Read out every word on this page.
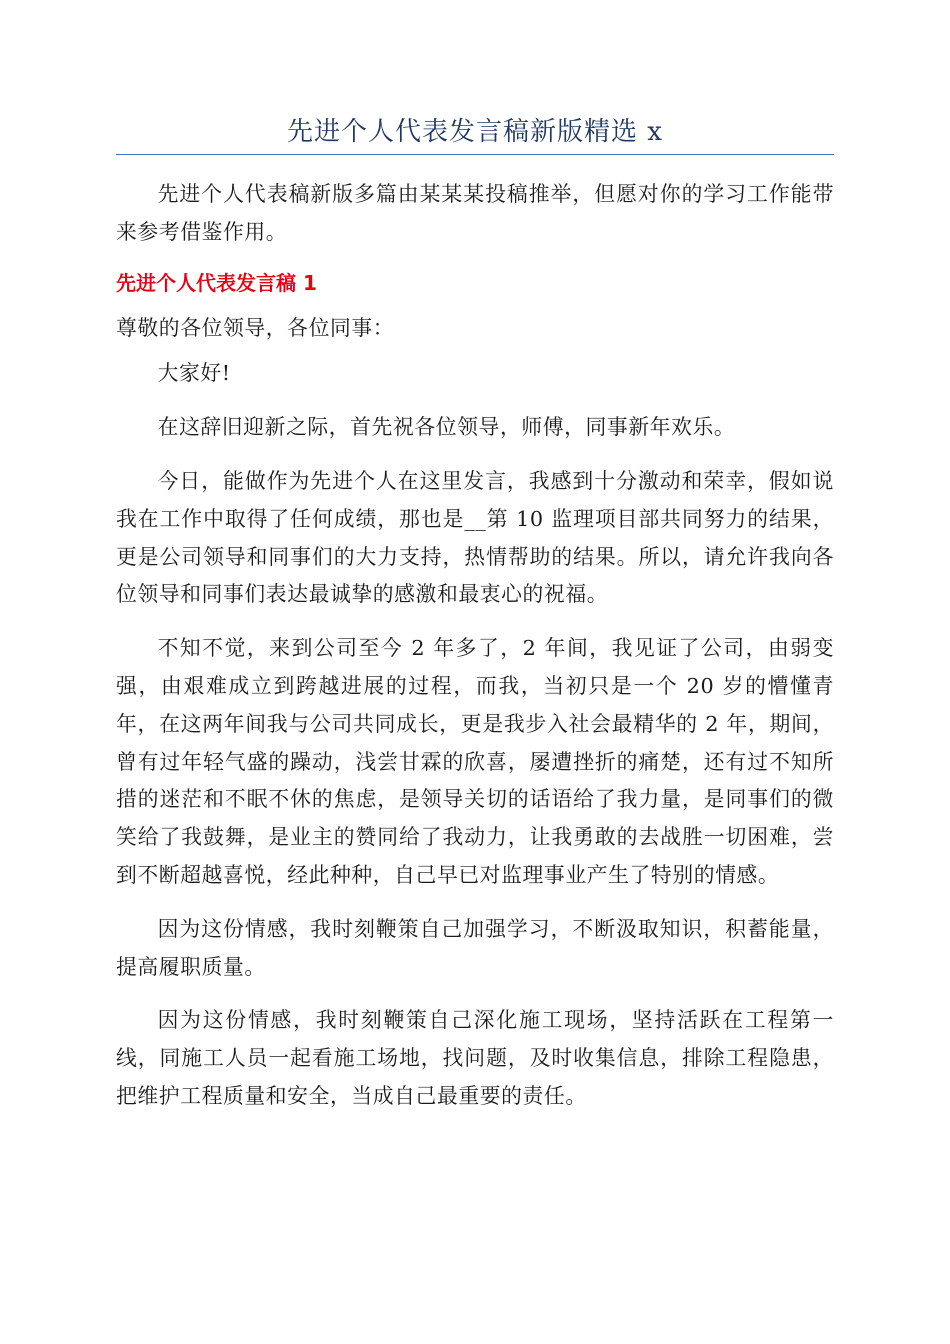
先进个人代表发言稿新版精选 x

先进个人代表稿新版多篇由某某某投稿推举，但愿对你的学习工作能带来参考借鉴作用。

先进个人代表发言稿 1

尊敬的各位领导，各位同事：

大家好!

在这辞旧迎新之际，首先祝各位领导，师傅，同事新年欢乐。

今日，能做作为先进个人在这里发言，我感到十分激动和荣幸，假如说我在工作中取得了任何成绩，那也是__第 10 监理项目部共同努力的结果，更是公司领导和同事们的大力支持，热情帮助的结果。所以，请允许我向各位领导和同事们表达最诚挚的感激和最衷心的祝福。

不知不觉，来到公司至今 2 年多了，2 年间，我见证了公司，由弱变强，由艰难成立到跨越进展的过程，而我，当初只是一个 20 岁的懵懂青年，在这两年间我与公司共同成长，更是我步入社会最精华的 2 年，期间，曾有过年轻气盛的躁动，浅尝甘霖的欣喜，屡遭挫折的痛楚，还有过不知所措的迷茫和不眠不休的焦虑，是领导关切的话语给了我力量，是同事们的微笑给了我鼓舞，是业主的赞同给了我动力，让我勇敢的去战胜一切困难，尝到不断超越喜悦，经此种种，自己早已对监理事业产生了特别的情感。

因为这份情感，我时刻鞭策自己加强学习，不断汲取知识，积蓄能量，提高履职质量。

因为这份情感，我时刻鞭策自己深化施工现场，坚持活跃在工程第一线，同施工人员一起看施工场地，找问题，及时收集信息，排除工程隐患，把维护工程质量和安全，当成自己最重要的责任。
